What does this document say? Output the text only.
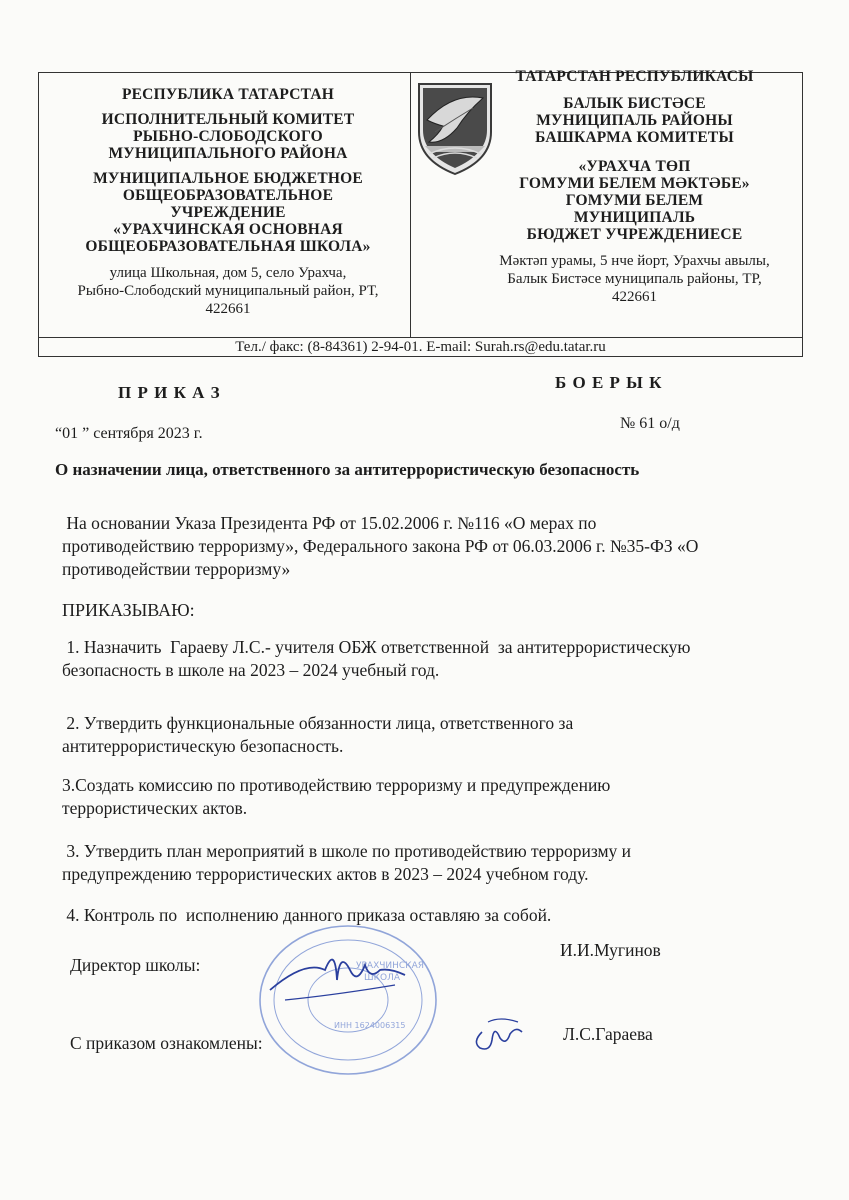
РЕСПУБЛИКА ТАТАРСТАН
ИСПОЛНИТЕЛЬНЫЙ КОМИТЕТ
РЫБНО-СЛОБОДСКОГО
МУНИЦИПАЛЬНОГО РАЙОНА
МУНИЦИПАЛЬНОЕ БЮДЖЕТНОЕ
ОБЩЕОБРАЗОВАТЕЛЬНОЕ
УЧРЕЖДЕНИЕ
«УРАХЧИНСКАЯ ОСНОВНАЯ
ОБЩЕОБРАЗОВАТЕЛЬНАЯ ШКОЛА»
улица Школьная, дом 5, село Урахча,
Рыбно-Слободский муниципальный район, РТ,
422661
ТАТАРСТАН РЕСПУБЛИКАСЫ
БАЛЫК БИСТӘСЕ
МУНИЦИПАЛЬ РАЙОНЫ
БАШКАРМА КОМИТЕТЫ
«УРАХЧА ТӨП
ГОМУМИ БЕЛЕМ МӘКТӘБЕ»
ГОМУМИ БЕЛЕМ
МУНИЦИПАЛЬ
БЮДЖЕТ УЧРЕЖДЕНИЕСЕ
Мәктәп урамы, 5 нче йорт, Урахчы авылы,
Балык Бистәсе муниципаль районы, ТР,
422661
Тел./ факс: (8-84361) 2-94-01. E-mail: Surah.rs@edu.tatar.ru
П Р И К А З
Б О Е Р Ы К
“01 ” сентября 2023 г.
№ 61 о/д
О назначении лица, ответственного за антитеррористическую безопасность
На основании Указа Президента РФ от 15.02.2006 г. №116 «О мерах по
противодействию терроризму», Федерального закона РФ от 06.03.2006 г. №35-ФЗ «О
противодействии терроризму»
ПРИКАЗЫВАЮ:
1. Назначить  Гараеву Л.С.- учителя ОБЖ ответственной  за антитеррористическую
безопасность в школе на 2023 – 2024 учебный год.
2. Утвердить функциональные обязанности лица, ответственного за
антитеррористическую безопасность.
3.Создать комиссию по противодействию терроризму и предупреждению
террористических актов.
3. Утвердить план мероприятий в школе по противодействию терроризму и
предупреждению террористических актов в 2023 – 2024 учебном году.
4. Контроль по  исполнению данного приказа оставляю за собой.
УРАХЧИНСКАЯ
ШКОЛА
ИНН 1624006315
Директор школы:
И.И.Мугинов
С приказом ознакомлены:	Л.С.Гараева
